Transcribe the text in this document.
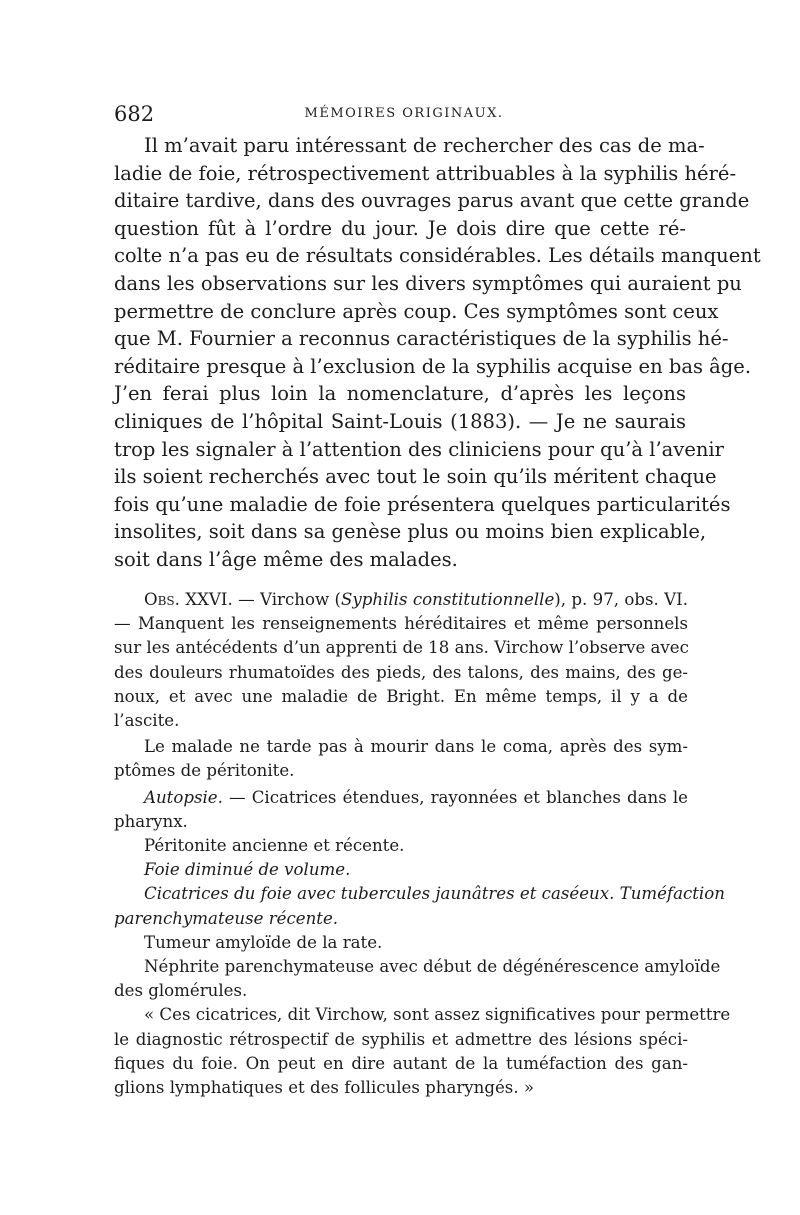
682	MÉMOIRES ORIGINAUX.
Il m’avait paru intéressant de rechercher des cas de ma-
ladie de foie, rétrospectivement attribuables à la syphilis héré-
ditaire tardive, dans des ouvrages parus avant que cette grande
question fût à l’ordre du jour. Je dois dire que cette ré-
colte n’a pas eu de résultats considérables. Les détails manquent
dans les observations sur les divers symptômes qui auraient pu
permettre de conclure après coup. Ces symptômes sont ceux
que M. Fournier a reconnus caractéristiques de la syphilis hé-
réditaire presque à l’exclusion de la syphilis acquise en bas âge.
J’en ferai plus loin la nomenclature, d’après les leçons
cliniques de l’hôpital Saint-Louis (1883). — Je ne saurais
trop les signaler à l’attention des cliniciens pour qu’à l’avenir
ils soient recherchés avec tout le soin qu’ils méritent chaque
fois qu’une maladie de foie présentera quelques particularités
insolites, soit dans sa genèse plus ou moins bien explicable,
soit dans l’âge même des malades.
Obs. XXVI. — Virchow (Syphilis constitutionnelle), p. 97, obs. VI.
— Manquent les renseignements héréditaires et même personnels
sur les antécédents d’un apprenti de 18 ans. Virchow l’observe avec
des douleurs rhumatoïdes des pieds, des talons, des mains, des ge-
noux, et avec une maladie de Bright. En même temps, il y a de
l’ascite.
Le malade ne tarde pas à mourir dans le coma, après des sym-
ptômes de péritonite.
Autopsie. — Cicatrices étendues, rayonnées et blanches dans le
pharynx.
Péritonite ancienne et récente.
Foie diminué de volume.
Cicatrices du foie avec tubercules jaunâtres et caséeux. Tuméfaction
parenchymateuse récente.
Tumeur amyloïde de la rate.
Néphrite parenchymateuse avec début de dégénérescence amyloïde
des glomérules.
« Ces cicatrices, dit Virchow, sont assez significatives pour permettre
le diagnostic rétrospectif de syphilis et admettre des lésions spéci-
fiques du foie. On peut en dire autant de la tuméfaction des gan-
glions lymphatiques et des follicules pharyngés. »
